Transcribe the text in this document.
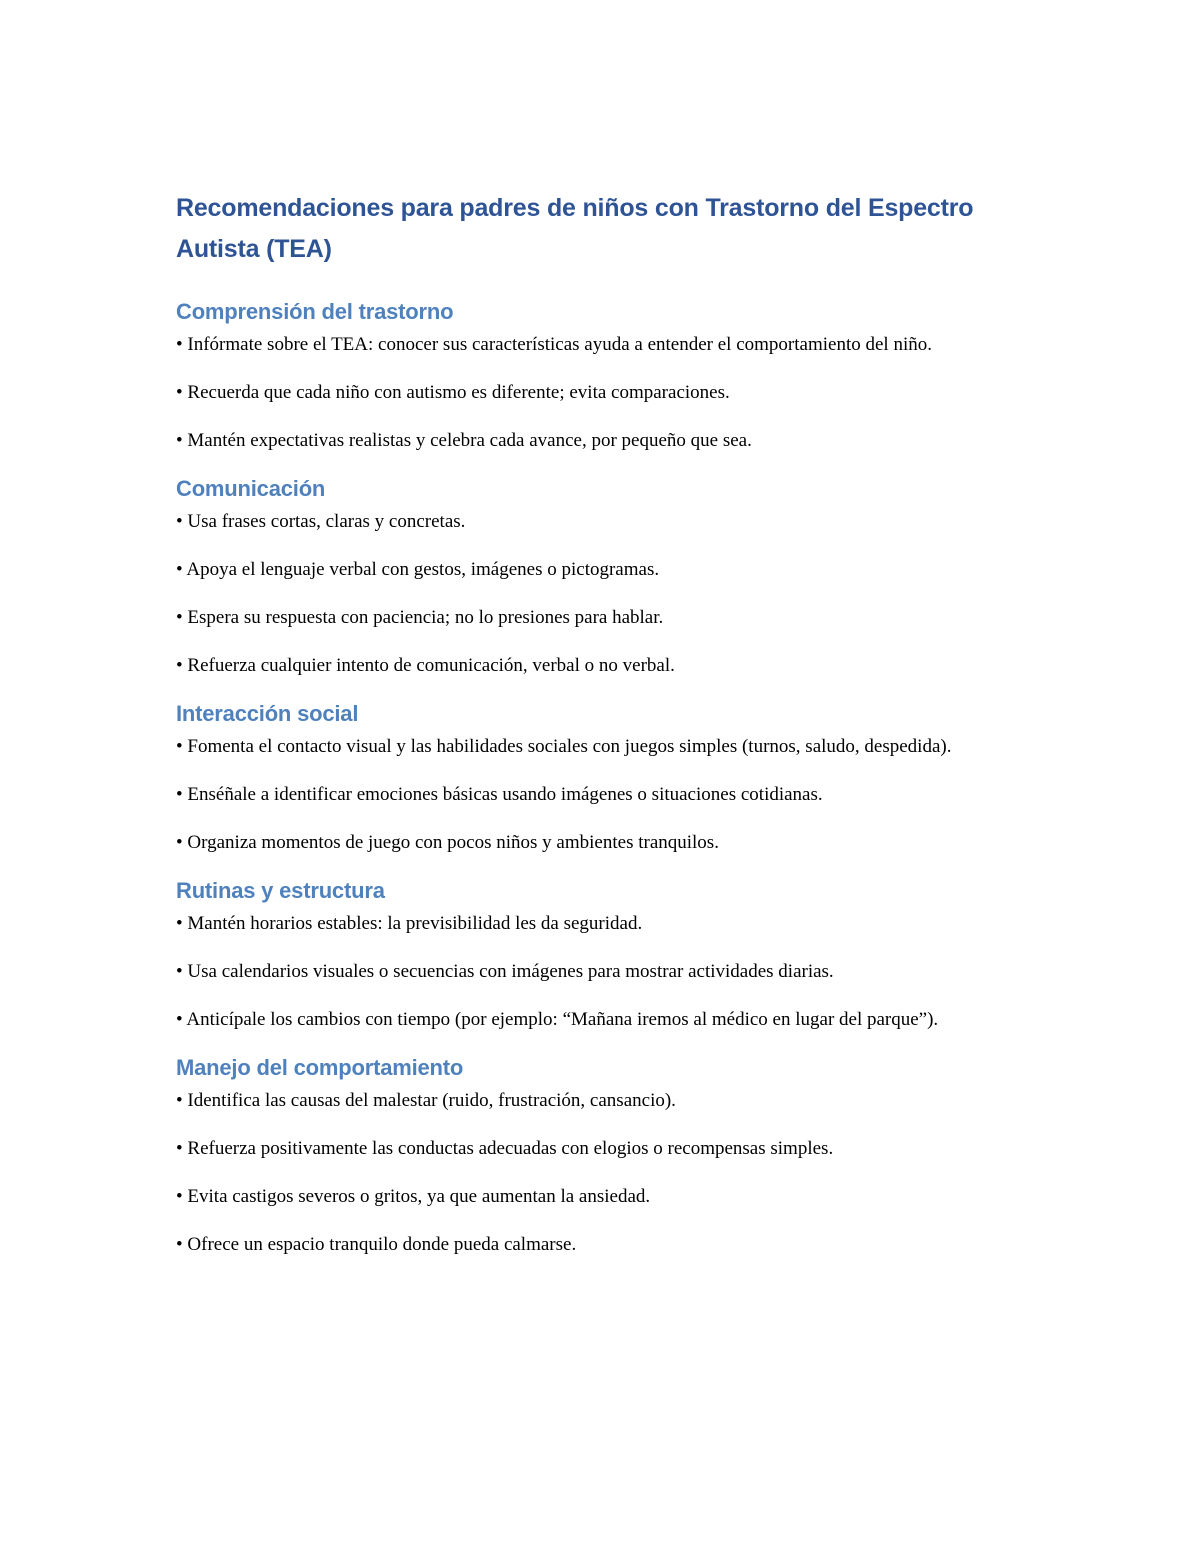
Recomendaciones para padres de niños con Trastorno del Espectro Autista (TEA)
Comprensión del trastorno

• Infórmate sobre el TEA: conocer sus características ayuda a entender el comportamiento del niño.

• Recuerda que cada niño con autismo es diferente; evita comparaciones.

• Mantén expectativas realistas y celebra cada avance, por pequeño que sea.

Comunicación

• Usa frases cortas, claras y concretas.

• Apoya el lenguaje verbal con gestos, imágenes o pictogramas.

• Espera su respuesta con paciencia; no lo presiones para hablar.

• Refuerza cualquier intento de comunicación, verbal o no verbal.

Interacción social

• Fomenta el contacto visual y las habilidades sociales con juegos simples (turnos, saludo, despedida).

• Enséñale a identificar emociones básicas usando imágenes o situaciones cotidianas.

• Organiza momentos de juego con pocos niños y ambientes tranquilos.

Rutinas y estructura

• Mantén horarios estables: la previsibilidad les da seguridad.

• Usa calendarios visuales o secuencias con imágenes para mostrar actividades diarias.

• Anticípale los cambios con tiempo (por ejemplo: “Mañana iremos al médico en lugar del parque”).

Manejo del comportamiento

• Identifica las causas del malestar (ruido, frustración, cansancio).

• Refuerza positivamente las conductas adecuadas con elogios o recompensas simples.

• Evita castigos severos o gritos, ya que aumentan la ansiedad.

• Ofrece un espacio tranquilo donde pueda calmarse.
